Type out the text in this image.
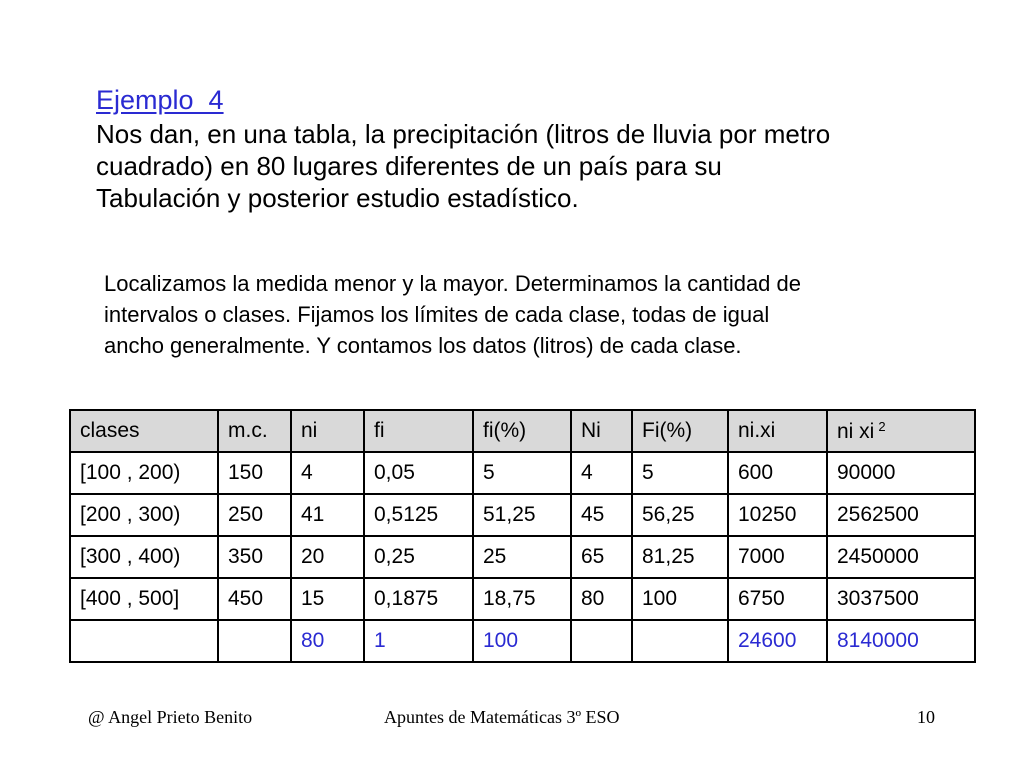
Ejemplo  4

Nos dan, en una tabla, la precipitación (litros de lluvia por metro
cuadrado) en 80 lugares diferentes de un país para su
Tabulación y posterior estudio estadístico.

Localizamos la medida menor y la mayor. Determinamos la cantidad de
intervalos o clases. Fijamos los límites de cada clase, todas de igual
ancho generalmente. Y contamos los datos (litros) de cada clase.

clases	m.c.	ni	fi	fi(%)	Ni	Fi(%)	ni.xi	ni xi $^2$
[100 , 200)	150	4	0,05	5	4	5	600	90000
[200 , 300)	250	41	0,5125	51,25	45	56,25	10250	2562500
[300 , 400)	350	20	0,25	25	65	81,25	7000	2450000
[400 , 500]	450	15	0,1875	18,75	80	100	6750	3037500
		80	1	100			24600	8140000
@ Angel Prieto Benito	Apuntes de Matemáticas 3º ESO	10
